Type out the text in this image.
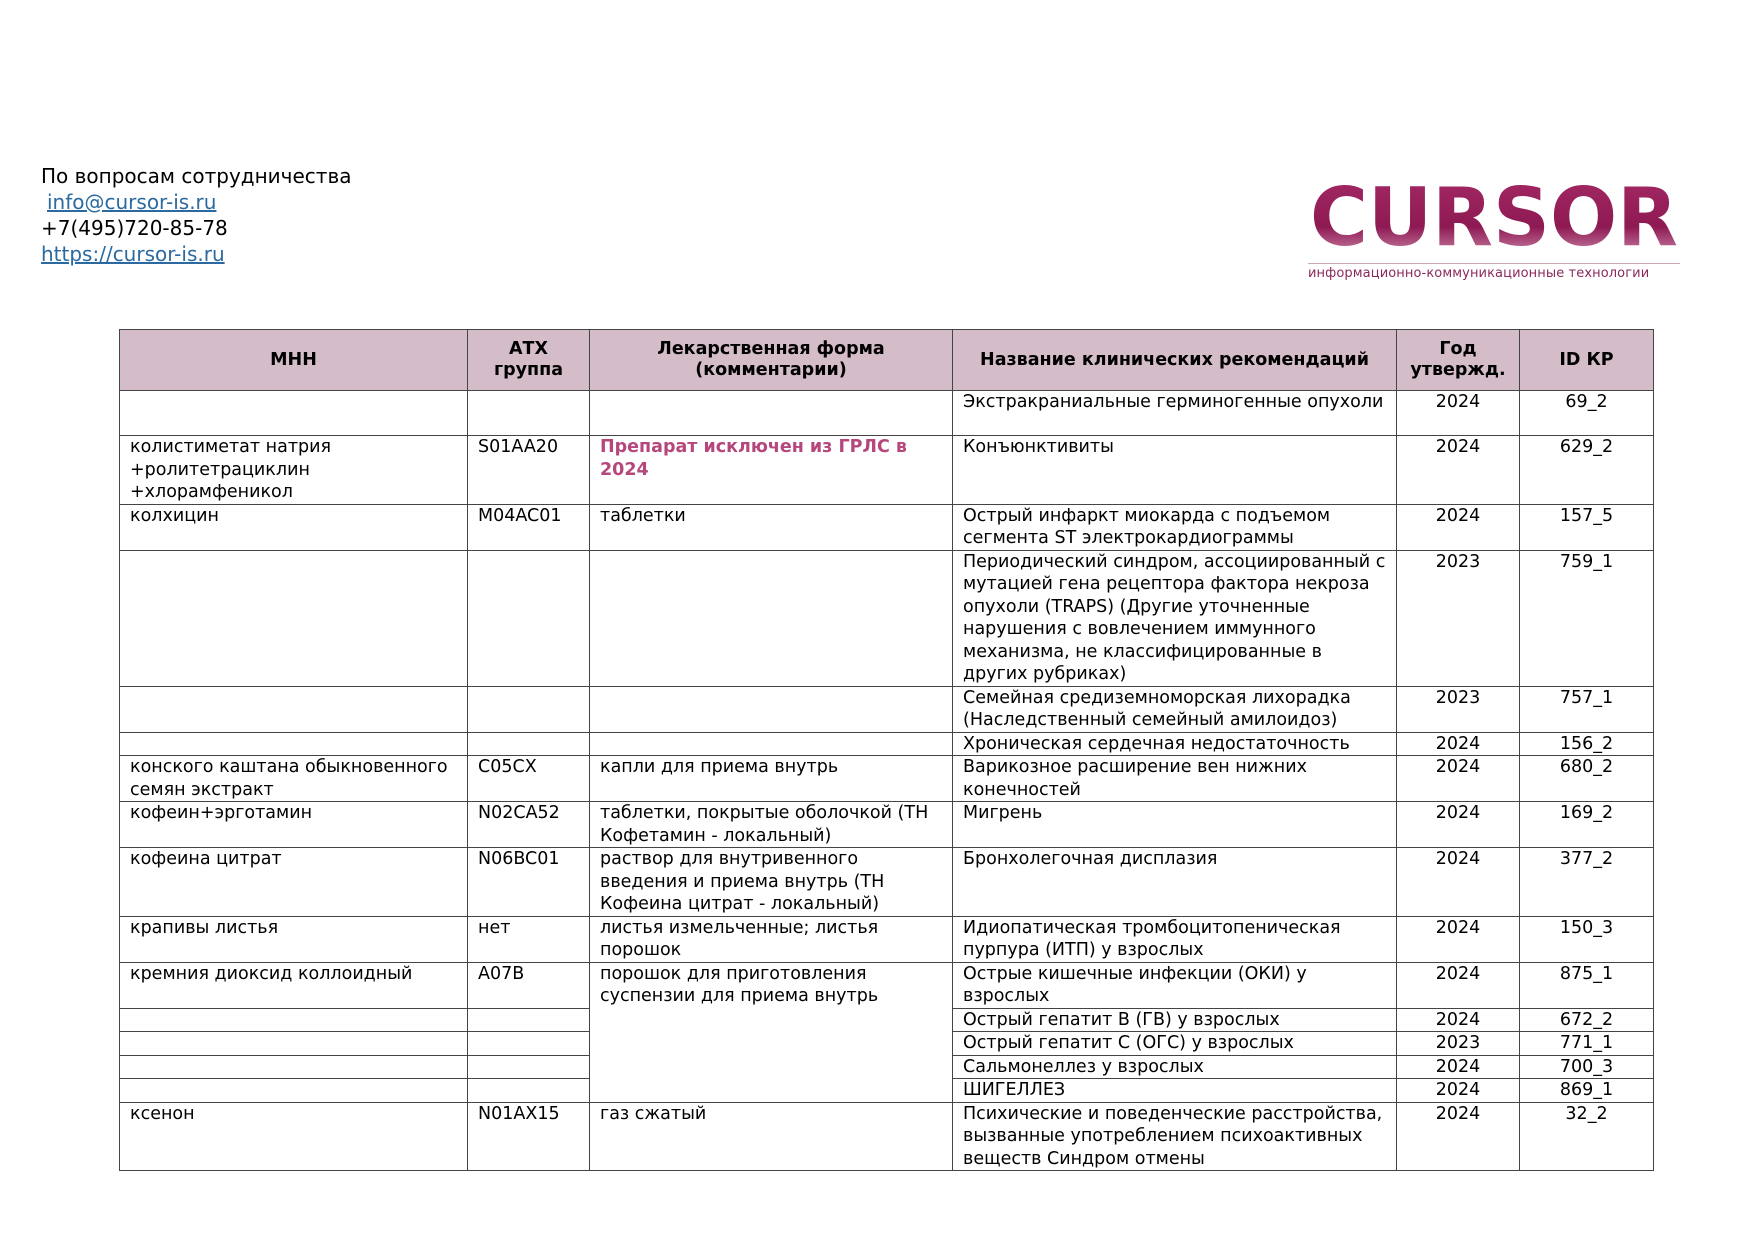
По вопросам сотрудничества
info@cursor-is.ru
+7(495)720-85-78
https://cursor-is.ru	CURSOR
информационно-коммуникационные технологии
МНН	АТХ группа	Лекарственная форма (комментарии)	Название клинических рекомендаций	Год утвержд.	ID КР
			Экстракраниальные герминогенные опухоли	2024	69_2
колистиметат натрия +ролитетрациклин +хлорамфеникол	S01AA20	Препарат исключен из ГРЛС в 2024	Конъюнктивиты	2024	629_2
колхицин	M04AC01	таблетки	Острый инфаркт миокарда с подъемом сегмента ST электрокардиограммы	2024	157_5
			Периодический синдром, ассоциированный с мутацией гена рецептора фактора некроза опухоли (TRAPS) (Другие уточненные нарушения с вовлечением иммунного механизма, не классифицированные в других рубриках)	2023	759_1
			Семейная средиземноморская лихорадка (Наследственный семейный амилоидоз)	2023	757_1
			Хроническая сердечная недостаточность	2024	156_2
конского каштана обыкновенного семян экстракт	C05CX	капли для приема внутрь	Варикозное расширение вен нижних конечностей	2024	680_2
кофеин+эрготамин	N02CA52	таблетки, покрытые оболочкой (ТН Кофетамин - локальный)	Мигрень	2024	169_2
кофеина цитрат	N06BC01	раствор для внутривенного введения и приема внутрь (ТН Кофеина цитрат - локальный)	Бронхолегочная дисплазия	2024	377_2
крапивы листья	нет	листья измельченные; листья порошок	Идиопатическая тромбоцитопеническая пурпура (ИТП) у взрослых	2024	150_3
кремния диоксид коллоидный	A07B	порошок для приготовления суспензии для приема внутрь	Острые кишечные инфекции (ОКИ) у взрослых	2024	875_1
			Острый гепатит В (ГВ) у взрослых	2024	672_2
			Острый гепатит С (ОГС) у взрослых	2023	771_1
			Сальмонеллез у взрослых	2024	700_3
			ШИГЕЛЛЕЗ	2024	869_1
ксенон	N01AX15	газ сжатый	Психические и поведенческие расстройства, вызванные употреблением психоактивных веществ Синдром отмены	2024	32_2
